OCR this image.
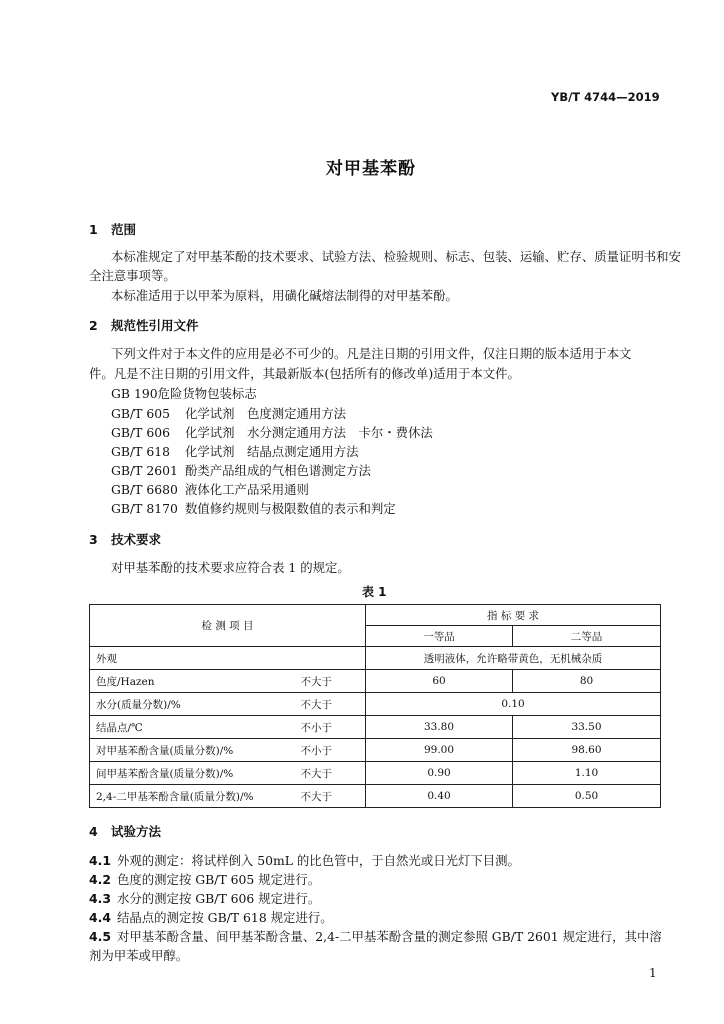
YB/T 4744—2019
对甲基苯酚
1 范围
本标准规定了对甲基苯酚的技术要求、试验方法、检验规则、标志、包装、运输、贮存、质量证明书和安
全注意事项等。
本标准适用于以甲苯为原料，用磺化碱熔法制得的对甲基苯酚。
2 规范性引用文件
下列文件对于本文件的应用是必不可少的。凡是注日期的引用文件，仅注日期的版本适用于本文
件。凡是不注日期的引用文件，其最新版本(包括所有的修改单)适用于本文件。
GB 190危险货物包装标志
GB/T 605 化学试剂　色度测定通用方法
GB/T 606 化学试剂　水分测定通用方法　卡尔・费休法
GB/T 618 化学试剂　结晶点测定通用方法
GB/T 2601 酚类产品组成的气相色谱测定方法
GB/T 6680 液体化工产品采用通则
GB/T 8170 数值修约规则与极限数值的表示和判定
3 技术要求
对甲基苯酚的技术要求应符合表 1 的规定。
表 1
检 测 项 目		指 标 要 求	
		一等品	二等品
外观		透明液体，允许略带黄色，无机械杂质	
色度/Hazen	不大于	60	80
水分(质量分数)/%	不大于	0.10	
结晶点/℃	不小于	33.80	33.50
对甲基苯酚含量(质量分数)/%	不小于	99.00	98.60
间甲基苯酚含量(质量分数)/%	不大于	0.90	1.10
2,4-二甲基苯酚含量(质量分数)/%	不大于	0.40	0.50
4 试验方法
4.1 外观的测定：将试样倒入 50mL 的比色管中，于自然光或日光灯下目测。
4.2 色度的测定按 GB/T 605 规定进行。
4.3 水分的测定按 GB/T 606 规定进行。
4.4 结晶点的测定按 GB/T 618 规定进行。
4.5 对甲基苯酚含量、间甲基苯酚含量、2,4-二甲基苯酚含量的测定参照 GB/T 2601 规定进行，其中溶
剂为甲苯或甲醇。
1
